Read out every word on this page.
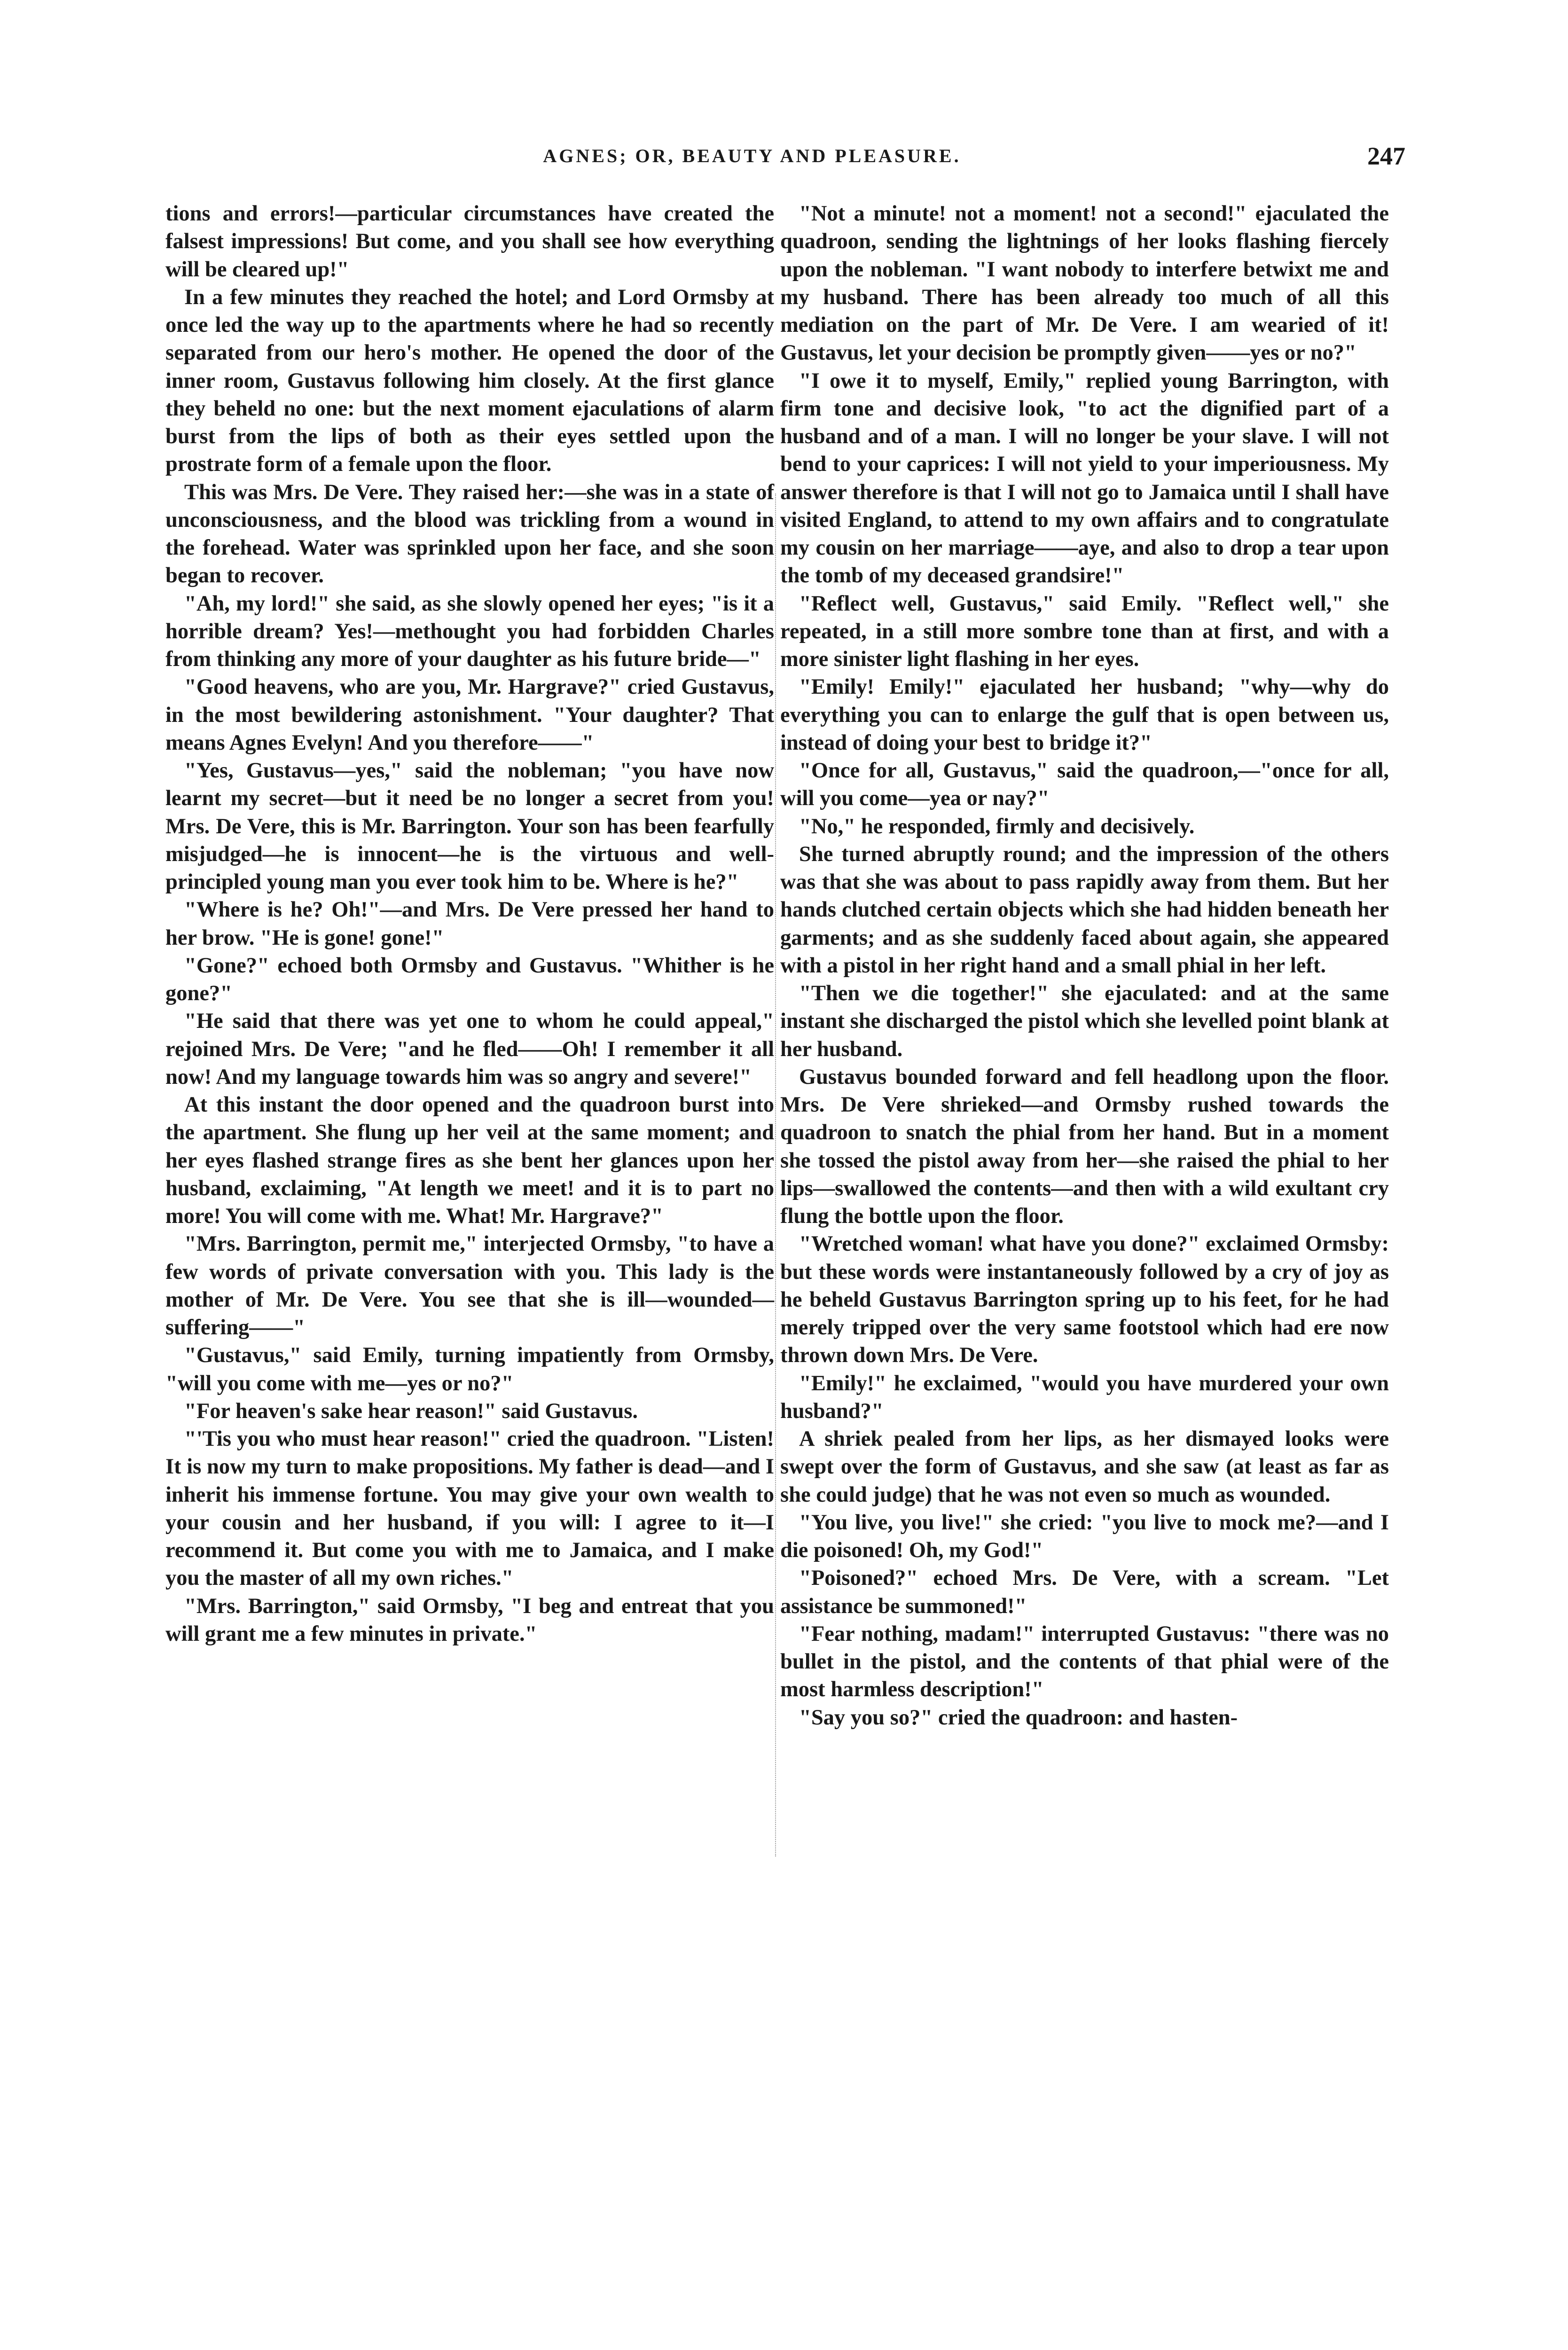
AGNES; OR, BEAUTY AND PLEASURE.	247

tions and errors!—particular circumstances have created the falsest impressions! But come, and you shall see how everything will be cleared up!"

In a few minutes they reached the hotel; and Lord Ormsby at once led the way up to the apartments where he had so recently separated from our hero's mother. He opened the door of the inner room, Gustavus following him closely. At the first glance they beheld no one: but the next moment ejaculations of alarm burst from the lips of both as their eyes settled upon the prostrate form of a female upon the floor.

This was Mrs. De Vere. They raised her:—she was in a state of unconsciousness, and the blood was trickling from a wound in the forehead. Water was sprinkled upon her face, and she soon began to recover.

"Ah, my lord!" she said, as she slowly opened her eyes; "is it a horrible dream? Yes!—methought you had forbidden Charles from thinking any more of your daughter as his future bride—"

"Good heavens, who are you, Mr. Hargrave?" cried Gustavus, in the most bewildering astonishment. "Your daughter? That means Agnes Evelyn! And you therefore——"

"Yes, Gustavus—yes," said the nobleman; "you have now learnt my secret—but it need be no longer a secret from you! Mrs. De Vere, this is Mr. Barrington. Your son has been fearfully misjudged—he is innocent—he is the virtuous and well-principled young man you ever took him to be. Where is he?"

"Where is he? Oh!"—and Mrs. De Vere pressed her hand to her brow. "He is gone! gone!"

"Gone?" echoed both Ormsby and Gustavus. "Whither is he gone?"

"He said that there was yet one to whom he could appeal," rejoined Mrs. De Vere; "and he fled——Oh! I remember it all now! And my language towards him was so angry and severe!"

At this instant the door opened and the quadroon burst into the apartment. She flung up her veil at the same moment; and her eyes flashed strange fires as she bent her glances upon her husband, exclaiming, "At length we meet! and it is to part no more! You will come with me. What! Mr. Hargrave?"

"Mrs. Barrington, permit me," interjected Ormsby, "to have a few words of private conversation with you. This lady is the mother of Mr. De Vere. You see that she is ill—wounded—suffering——"

"Gustavus," said Emily, turning impatiently from Ormsby, "will you come with me—yes or no?"

"For heaven's sake hear reason!" said Gustavus.

"'Tis you who must hear reason!" cried the quadroon. "Listen! It is now my turn to make propositions. My father is dead—and I inherit his immense fortune. You may give your own wealth to your cousin and her husband, if you will: I agree to it—I recommend it. But come you with me to Jamaica, and I make you the master of all my own riches."

"Mrs. Barrington," said Ormsby, "I beg and entreat that you will grant me a few minutes in private."

"Not a minute! not a moment! not a second!" ejaculated the quadroon, sending the lightnings of her looks flashing fiercely upon the nobleman. "I want nobody to interfere betwixt me and my husband. There has been already too much of all this mediation on the part of Mr. De Vere. I am wearied of it! Gustavus, let your decision be promptly given——yes or no?"

"I owe it to myself, Emily," replied young Barrington, with firm tone and decisive look, "to act the dignified part of a husband and of a man. I will no longer be your slave. I will not bend to your caprices: I will not yield to your imperiousness. My answer therefore is that I will not go to Jamaica until I shall have visited England, to attend to my own affairs and to congratulate my cousin on her marriage——aye, and also to drop a tear upon the tomb of my deceased grandsire!"

"Reflect well, Gustavus," said Emily. "Reflect well," she repeated, in a still more sombre tone than at first, and with a more sinister light flashing in her eyes.

"Emily! Emily!" ejaculated her husband; "why—why do everything you can to enlarge the gulf that is open between us, instead of doing your best to bridge it?"

"Once for all, Gustavus," said the quadroon,—"once for all, will you come—yea or nay?"

"No," he responded, firmly and decisively.

She turned abruptly round; and the impression of the others was that she was about to pass rapidly away from them. But her hands clutched certain objects which she had hidden beneath her garments; and as she suddenly faced about again, she appeared with a pistol in her right hand and a small phial in her left.

"Then we die together!" she ejaculated: and at the same instant she discharged the pistol which she levelled point blank at her husband.

Gustavus bounded forward and fell headlong upon the floor. Mrs. De Vere shrieked—and Ormsby rushed towards the quadroon to snatch the phial from her hand. But in a moment she tossed the pistol away from her—she raised the phial to her lips—swallowed the contents—and then with a wild exultant cry flung the bottle upon the floor.

"Wretched woman! what have you done?" exclaimed Ormsby: but these words were instantaneously followed by a cry of joy as he beheld Gustavus Barrington spring up to his feet, for he had merely tripped over the very same footstool which had ere now thrown down Mrs. De Vere.

"Emily!" he exclaimed, "would you have murdered your own husband?"

A shriek pealed from her lips, as her dismayed looks were swept over the form of Gustavus, and she saw (at least as far as she could judge) that he was not even so much as wounded.

"You live, you live!" she cried: "you live to mock me?—and I die poisoned! Oh, my God!"

"Poisoned?" echoed Mrs. De Vere, with a scream. "Let assistance be summoned!"

"Fear nothing, madam!" interrupted Gustavus: "there was no bullet in the pistol, and the contents of that phial were of the most harmless description!"

"Say you so?" cried the quadroon: and hasten-
